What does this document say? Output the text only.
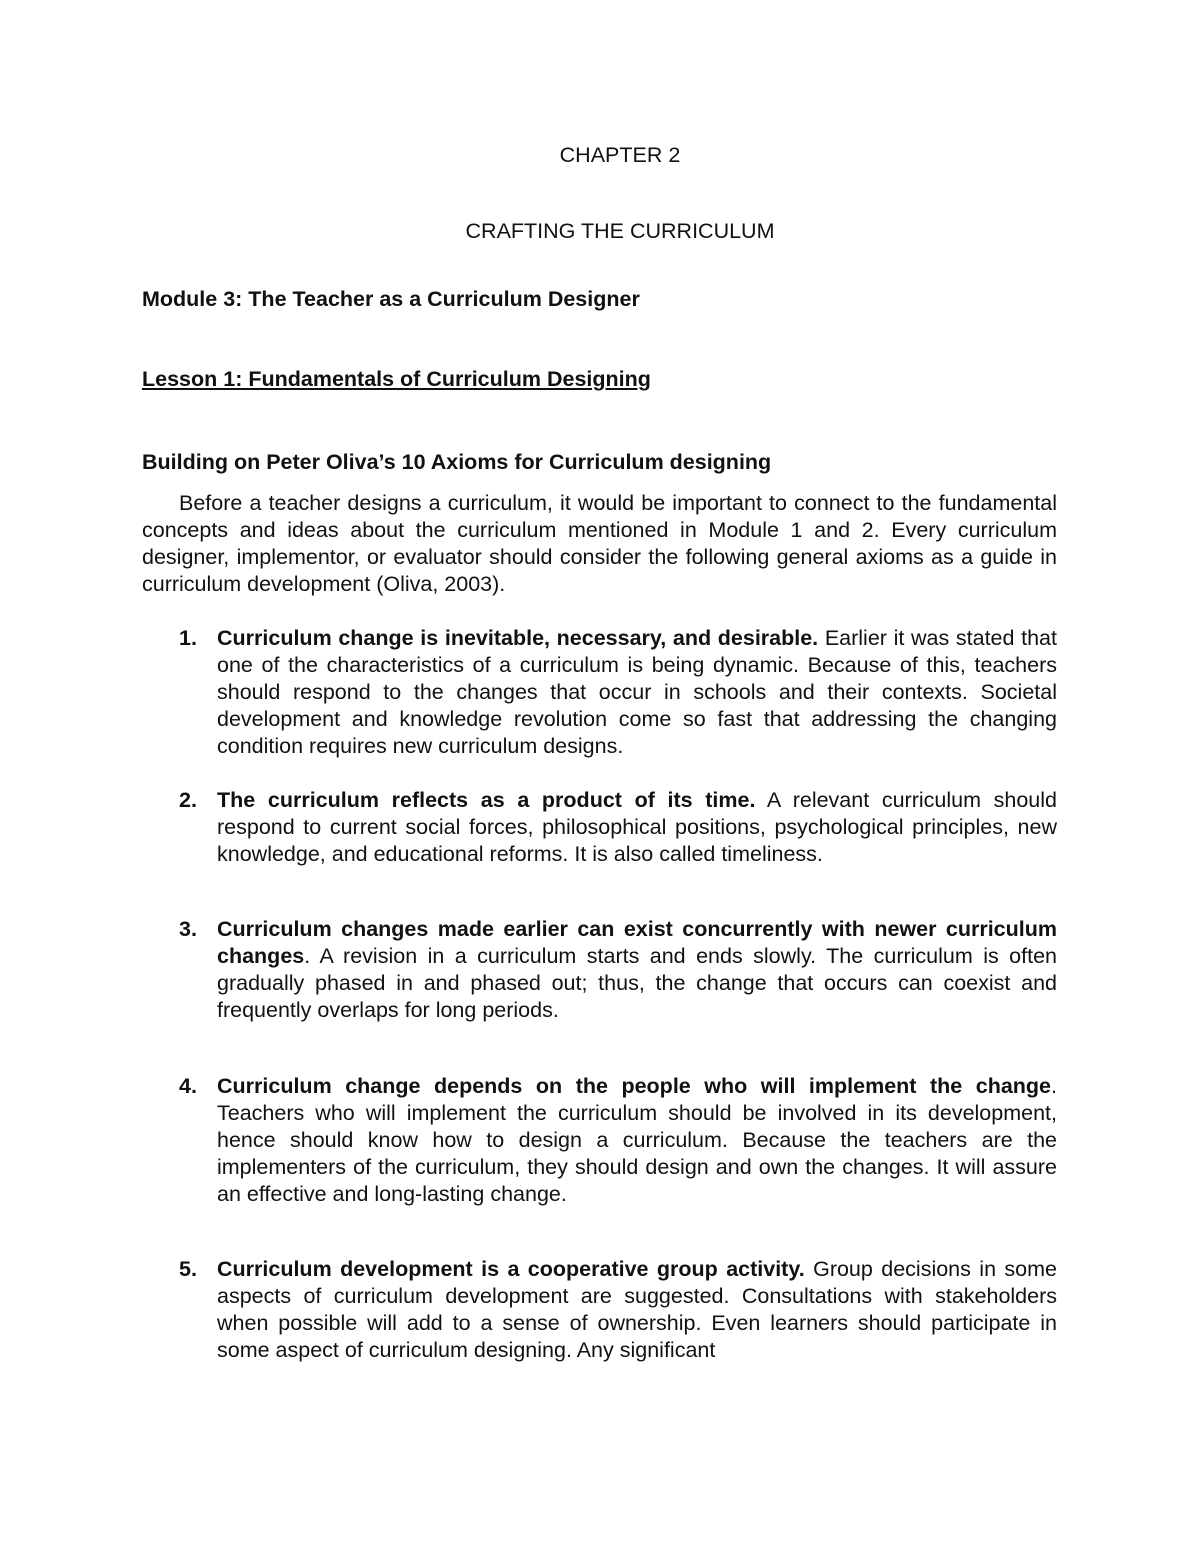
CHAPTER 2
CRAFTING THE CURRICULUM
Module 3: The Teacher as a Curriculum Designer
Lesson 1: Fundamentals of Curriculum Designing
Building on Peter Oliva’s 10 Axioms for Curriculum designing

Before a teacher designs a curriculum, it would be important to connect to the fundamental concepts and ideas about the curriculum mentioned in Module 1 and 2. Every curriculum designer, implementor, or evaluator should consider the following general axioms as a guide in curriculum development (Oliva, 2003).

1. Curriculum change is inevitable, necessary, and desirable. Earlier it was stated that one of the characteristics of a curriculum is being dynamic. Because of this, teachers should respond to the changes that occur in schools and their contexts. Societal development and knowledge revolution come so fast that addressing the changing condition requires new curriculum designs.

2. The curriculum reflects as a product of its time. A relevant curriculum should respond to current social forces, philosophical positions, psychological principles, new knowledge, and educational reforms. It is also called timeliness.

3. Curriculum changes made earlier can exist concurrently with newer curriculum changes. A revision in a curriculum starts and ends slowly. The curriculum is often gradually phased in and phased out; thus, the change that occurs can coexist and frequently overlaps for long periods.

4. Curriculum change depends on the people who will implement the change. Teachers who will implement the curriculum should be involved in its development, hence should know how to design a curriculum. Because the teachers are the implementers of the curriculum, they should design and own the changes. It will assure an effective and long-lasting change.

5. Curriculum development is a cooperative group activity. Group decisions in some aspects of curriculum development are suggested. Consultations with stakeholders when possible will add to a sense of ownership. Even learners should participate in some aspect of curriculum designing. Any significant
